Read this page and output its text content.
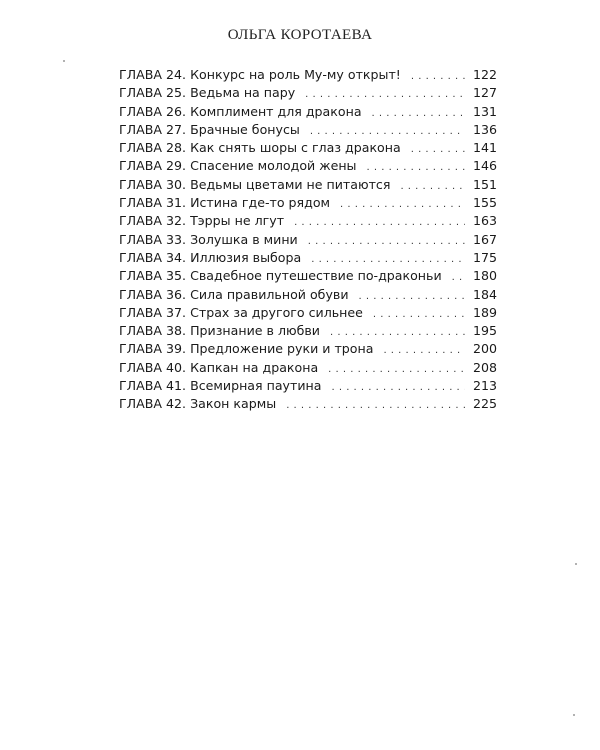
ОЛЬГА КОРОТАЕВА
ГЛАВА 24. Конкурс на роль Му-му открыт! . . .	122
ГЛАВА 25. Ведьма на пару . . .	127
ГЛАВА 26. Комплимент для дракона . . .	131
ГЛАВА 27. Брачные бонусы . . .	136
ГЛАВА 28. Как снять шоры с глаз дракона . . .	141
ГЛАВА 29. Спасение молодой жены . . .	146
ГЛАВА 30. Ведьмы цветами не питаются . . .	151
ГЛАВА 31. Истина где-то рядом . . .	155
ГЛАВА 32. Тэрры не лгут . . .	163
ГЛАВА 33. Золушка в мини . . .	167
ГЛАВА 34. Иллюзия выбора . . .	175
ГЛАВА 35. Свадебное путешествие по-драконьи . . . 180
ГЛАВА 36. Сила правильной обуви . . .	184
ГЛАВА 37. Страх за другого сильнее . . .	189
ГЛАВА 38. Признание в любви . . .	195
ГЛАВА 39. Предложение руки и трона . . .	200
ГЛАВА 40. Капкан на дракона . . .	208
ГЛАВА 41. Всемирная паутина . . .	213
ГЛАВА 42. Закон кармы . . .	225
